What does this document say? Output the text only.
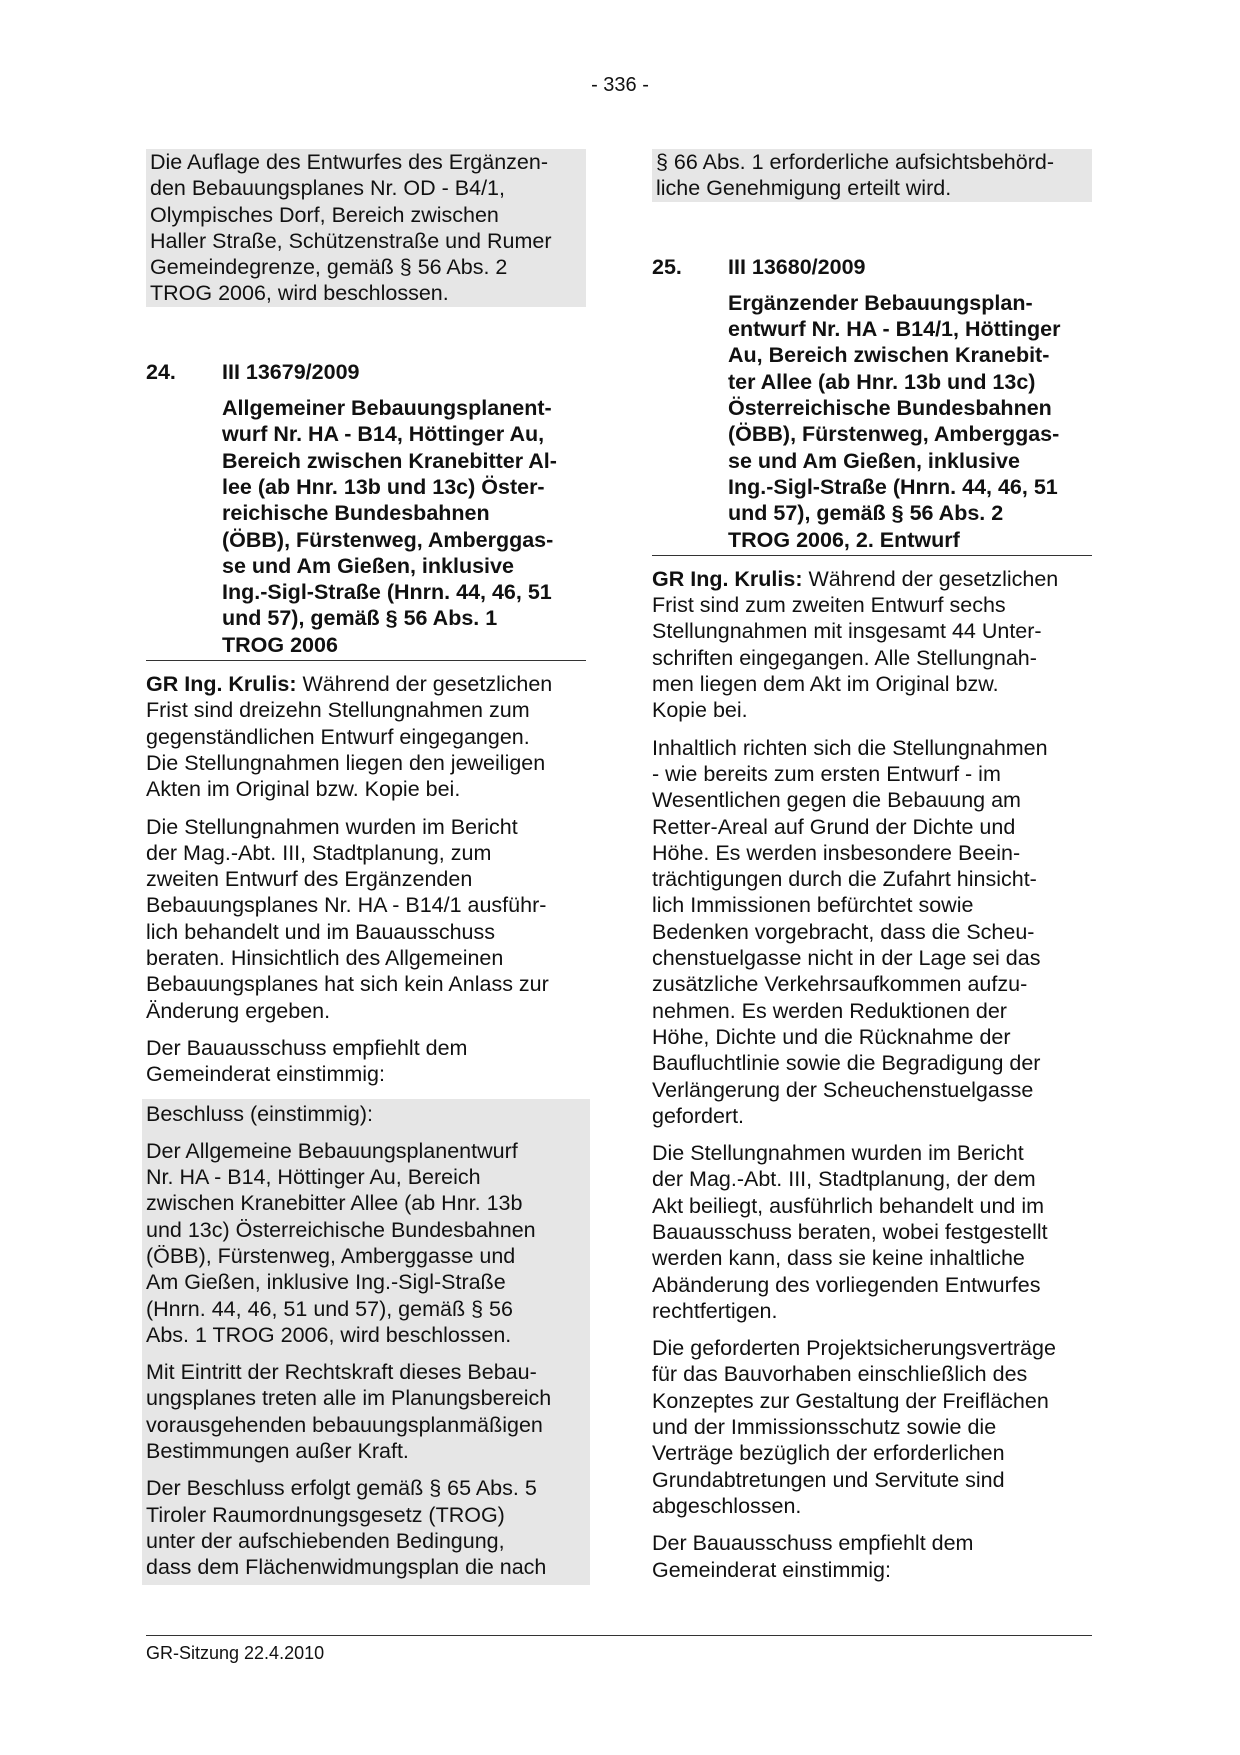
- 336 -
Die Auflage des Entwurfes des Ergänzen-
den Bebauungsplanes Nr. OD - B4/1,
Olympisches Dorf, Bereich zwischen
Haller Straße, Schützenstraße und Rumer
Gemeindegrenze, gemäß § 56 Abs. 2
TROG 2006, wird beschlossen.
24.	III 13679/2009
Allgemeiner Bebauungsplanent-
wurf Nr. HA - B14, Höttinger Au,
Bereich zwischen Kranebitter Al-
lee (ab Hnr. 13b und 13c) Öster-
reichische Bundesbahnen
(ÖBB), Fürstenweg, Amberggas-
se und Am Gießen, inklusive
Ing.-Sigl-Straße (Hnrn. 44, 46, 51
und 57), gemäß § 56 Abs. 1
TROG 2006
GR Ing. Krulis: Während der gesetzlichen
Frist sind dreizehn Stellungnahmen zum
gegenständlichen Entwurf eingegangen.
Die Stellungnahmen liegen den jeweiligen
Akten im Original bzw. Kopie bei.
Die Stellungnahmen wurden im Bericht
der Mag.-Abt. III, Stadtplanung, zum
zweiten Entwurf des Ergänzenden
Bebauungsplanes Nr. HA - B14/1 ausführ-
lich behandelt und im Bauausschuss
beraten. Hinsichtlich des Allgemeinen
Bebauungsplanes hat sich kein Anlass zur
Änderung ergeben.
Der Bauausschuss empfiehlt dem
Gemeinderat einstimmig:
Beschluss (einstimmig):
Der Allgemeine Bebauungsplanentwurf
Nr. HA - B14, Höttinger Au, Bereich
zwischen Kranebitter Allee (ab Hnr. 13b
und 13c) Österreichische Bundesbahnen
(ÖBB), Fürstenweg, Amberggasse und
Am Gießen, inklusive Ing.-Sigl-Straße
(Hnrn. 44, 46, 51 und 57), gemäß § 56
Abs. 1 TROG 2006, wird beschlossen.
Mit Eintritt der Rechtskraft dieses Bebau-
ungsplanes treten alle im Planungsbereich
vorausgehenden bebauungsplanmäßigen
Bestimmungen außer Kraft.
Der Beschluss erfolgt gemäß § 65 Abs. 5
Tiroler Raumordnungsgesetz (TROG)
unter der aufschiebenden Bedingung,
dass dem Flächenwidmungsplan die nach
§ 66 Abs. 1 erforderliche aufsichtsbehörd-
liche Genehmigung erteilt wird.
25.	III 13680/2009
Ergänzender Bebauungsplan-
entwurf Nr. HA - B14/1, Höttinger
Au, Bereich zwischen Kranebit-
ter Allee (ab Hnr. 13b und 13c)
Österreichische Bundesbahnen
(ÖBB), Fürstenweg, Amberggas-
se und Am Gießen, inklusive
Ing.-Sigl-Straße (Hnrn. 44, 46, 51
und 57), gemäß § 56 Abs. 2
TROG 2006, 2. Entwurf
GR Ing. Krulis: Während der gesetzlichen
Frist sind zum zweiten Entwurf sechs
Stellungnahmen mit insgesamt 44 Unter-
schriften eingegangen. Alle Stellungnah-
men liegen dem Akt im Original bzw.
Kopie bei.
Inhaltlich richten sich die Stellungnahmen
- wie bereits zum ersten Entwurf - im
Wesentlichen gegen die Bebauung am
Retter-Areal auf Grund der Dichte und
Höhe. Es werden insbesondere Beein-
trächtigungen durch die Zufahrt hinsicht-
lich Immissionen befürchtet sowie
Bedenken vorgebracht, dass die Scheu-
chenstuelgasse nicht in der Lage sei das
zusätzliche Verkehrsaufkommen aufzu-
nehmen. Es werden Reduktionen der
Höhe, Dichte und die Rücknahme der
Baufluchtlinie sowie die Begradigung der
Verlängerung der Scheuchenstuelgasse
gefordert.
Die Stellungnahmen wurden im Bericht
der Mag.-Abt. III, Stadtplanung, der dem
Akt beiliegt, ausführlich behandelt und im
Bauausschuss beraten, wobei festgestellt
werden kann, dass sie keine inhaltliche
Abänderung des vorliegenden Entwurfes
rechtfertigen.
Die geforderten Projektsicherungsverträge
für das Bauvorhaben einschließlich des
Konzeptes zur Gestaltung der Freiflächen
und der Immissionsschutz sowie die
Verträge bezüglich der erforderlichen
Grundabtretungen und Servitute sind
abgeschlossen.
Der Bauausschuss empfiehlt dem
Gemeinderat einstimmig:
GR-Sitzung 22.4.2010
